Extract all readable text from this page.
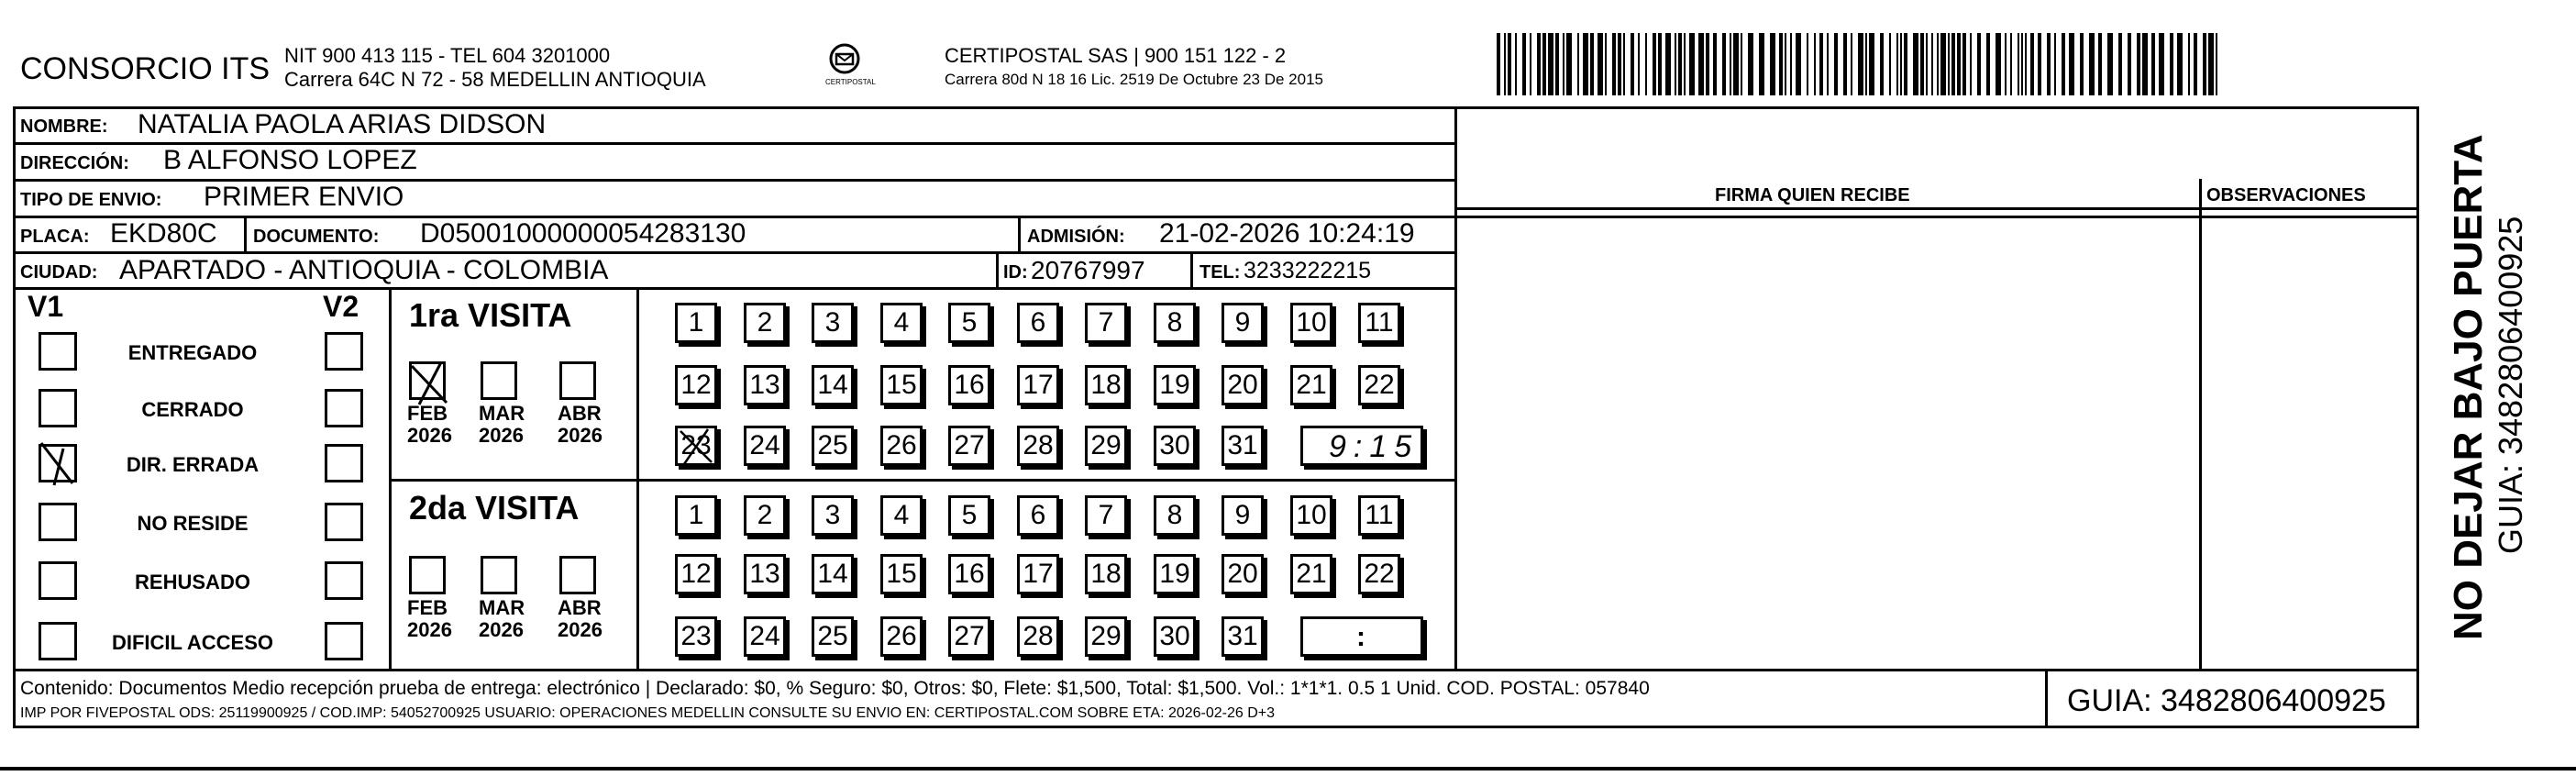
CONSORCIO ITS NIT 900 413 115 - TEL 604 3201000
Carrera 64C N 72 - 58 MEDELLIN ANTIOQUIA	CERTIPOSTAL
CERTIPOSTAL SAS | 900 151 122 - 2
Carrera 80d N 18 16 Lic. 2519 De Octubre 23 De 2015
NOMBRE: NATALIA PAOLA ARIAS DIDSON
DIRECCIÓN: B ALFONSO LOPEZ
TIPO DE ENVIO: PRIMER ENVIO	FIRMA QUIEN RECIBE	OBSERVACIONES
PLACA: EKD80C DOCUMENTO: D05001000000054283130	ADMISIÓN: 21-02-2026 10:24:19
CIUDAD: APARTADO - ANTIOQUIA - COLOMBIA	ID: 20767997	TEL: 3233222215
V1	V2
ENTREGADO
CERRADO
DIR. ERRADA
NO RESIDE
REHUSADO
DIFICIL ACCESO
1ra VISITA
2da VISITA
FEB
2026
MAR
2026
ABR
2026
FEB
2026
MAR
2026
ABR
2026
1 2 3 4 5 6 7 8 9 10 11
12 13 14 15 16 17 18 19 20 21 22
23 24 25 26 27 28 29 30 31
1 2 3 4 5 6 7 8 9 10 11
12 13 14 15 16 17 18 19 20 21 22
23 24 25 26 27 28 29 30 31
9:15
:
Contenido: Documentos Medio recepción prueba de entrega: electrónico | Declarado: $0, % Seguro: $0, Otros: $0, Flete: $1,500, Total: $1,500. Vol.: 1*1*1. 0.5 1 Unid. COD. POSTAL: 057840
IMP POR FIVEPOSTAL ODS: 25119900925 / COD.IMP: 54052700925 USUARIO: OPERACIONES MEDELLIN CONSULTE SU ENVIO EN: CERTIPOSTAL.COM SOBRE ETA: 2026-02-26 D+3	GUIA: 3482806400925
NO DEJAR BAJO PUERTA GUIA: 3482806400925
